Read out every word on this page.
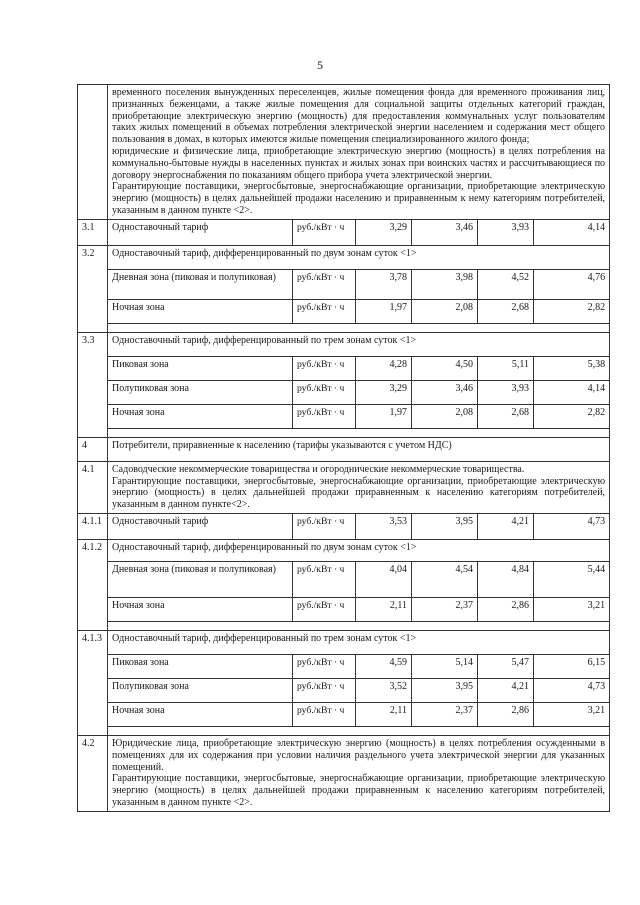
5

	временного поселения вынужденных переселенцев, жилые помещения фонда для временного проживания лиц, признанных беженцами, а также жилые помещения для социальной защиты отдельных категорий граждан, приобретающие электрическую энергию (мощность) для предоставления коммунальных услуг пользователям таких жилых помещений в объемах потребления электрической энергии населением и содержания мест общего пользования в домах, в которых имеются жилые помещения специализированного жилого фонда;

юридические и физические лица, приобретающие электрическую энергию (мощность) в целях потребления на коммунально-бытовые нужды в населенных пунктах и жилых зонах при воинских частях и рассчитывающиеся по договору энергоснабжения по показаниям общего прибора учета электрической энергии.

Гарантирующие поставщики, энергосбытовые, энергоснабжающие организации, приобретающие электрическую энергию (мощность) в целях дальнейшей продажи населению и приравненным к нему категориям потребителей, указанным в данном пункте <2>.					

3.1	Одноставочный тариф	руб./кВт · ч	3,29	3,46	3,93	4,14
3.2	Одноставочный тариф, дифференцированный по двум зонам суток <1>					
	Дневная зона (пиковая и полупиковая)	руб./кВт · ч	3,78	3,98	4,52	4,76
	Ночная зона	руб./кВт · ч	1,97	2,08	2,68	2,82

3.3	Одноставочный тариф, дифференцированный по трем зонам суток <1>					
	Пиковая зона	руб./кВт · ч	4,28	4,50	5,11	5,38
	Полупиковая зона	руб./кВт · ч	3,29	3,46	3,93	4,14
	Ночная зона	руб./кВт · ч	1,97	2,08	2,68	2,82

4	Потребители, приравненные к населению (тарифы указываются с учетом НДС)					
4.1	Садоводческие некоммерческие товарищества и огороднические некоммерческие товарищества.

Гарантирующие поставщики, энергосбытовые, энергоснабжающие организации, приобретающие электрическую энергию (мощность) в целях дальнейшей продажи приравненным к населению категориям потребителей, указанным в данном пункте<2>.					

4.1.1	Одноставочный тариф	руб./кВт · ч	3,53	3,95	4,21	4,73
4.1.2	Одноставочный тариф, дифференцированный по двум зонам суток <1>					
	Дневная зона (пиковая и полупиковая)	руб./кВт · ч	4,04	4,54	4,84	5,44
	Ночная зона	руб./кВт · ч	2,11	2,37	2,86	3,21

4.1.3	Одноставочный тариф, дифференцированный по трем зонам суток <1>					
	Пиковая зона	руб./кВт · ч	4,59	5,14	5,47	6,15
	Полупиковая зона	руб./кВт · ч	3,52	3,95	4,21	4,73
	Ночная зона	руб./кВт · ч	2,11	2,37	2,86	3,21

4.2	Юридические лица, приобретающие электрическую энергию (мощность) в целях потребления осужденными в помещениях для их содержания при условии наличия раздельного учета электрической энергии для указанных помещений.

Гарантирующие поставщики, энергосбытовые, энергоснабжающие организации, приобретающие электрическую энергию (мощность) в целях дальнейшей продажи приравненным к населению категориям потребителей, указанным в данном пункте <2>.					
